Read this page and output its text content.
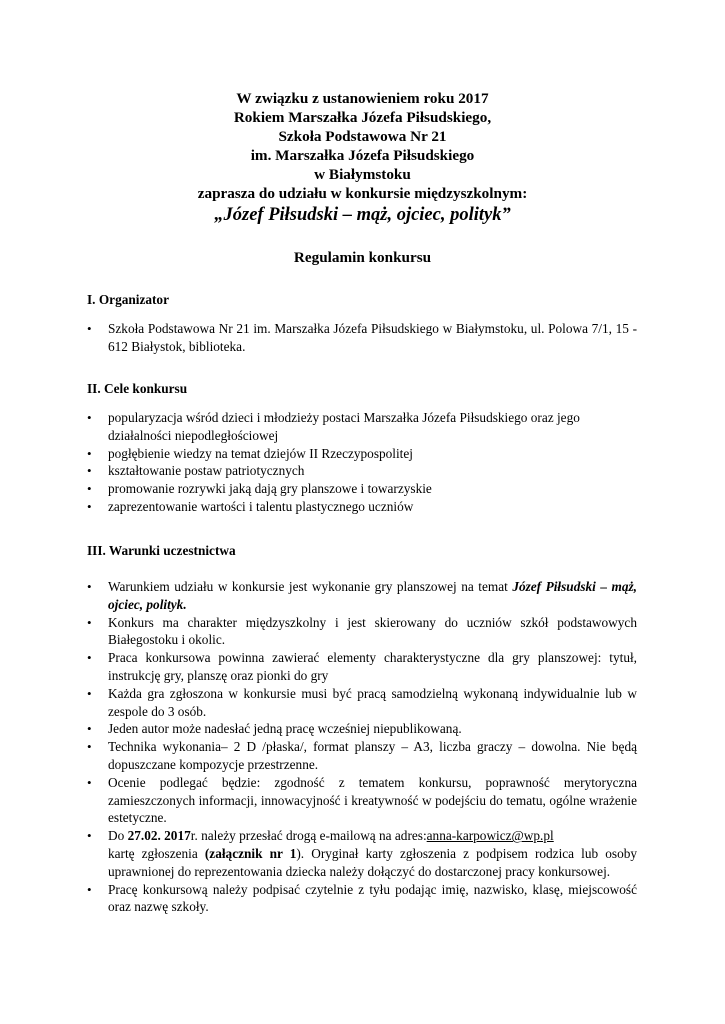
W związku z ustanowieniem roku 2017
Rokiem Marszałka Józefa Piłsudskiego,
Szkoła Podstawowa Nr 21
im. Marszałka Józefa Piłsudskiego
w Białymstoku
zaprasza do udziału w konkursie międzyszkolnym:
„Józef Piłsudski – mąż, ojciec, polityk”
Regulamin konkursu
I. Organizator
• Szkoła Podstawowa Nr 21 im. Marszałka Józefa Piłsudskiego w Białymstoku, ul. Polowa 7/1, 15 - 612 Białystok, biblioteka.
II. Cele konkursu
• popularyzacja wśród dzieci i młodzieży postaci Marszałka Józefa Piłsudskiego oraz jego działalności niepodległościowej
• pogłębienie wiedzy na temat dziejów II Rzeczypospolitej
• kształtowanie postaw patriotycznych
• promowanie rozrywki jaką dają gry planszowe i towarzyskie
• zaprezentowanie wartości i talentu plastycznego uczniów
III. Warunki uczestnictwa
• Warunkiem udziału w konkursie jest wykonanie gry planszowej na temat Józef Piłsudski – mąż, ojciec, polityk.
• Konkurs ma charakter międzyszkolny i jest skierowany do uczniów szkół podstawowych Białegostoku i okolic.
• Praca konkursowa powinna zawierać elementy charakterystyczne dla gry planszowej: tytuł, instrukcję gry, planszę oraz pionki do gry
• Każda gra zgłoszona w konkursie musi być pracą samodzielną wykonaną indywidualnie lub w zespole do 3 osób.
• Jeden autor może nadesłać jedną pracę wcześniej niepublikowaną.
• Technika wykonania– 2 D /płaska/, format planszy – A3, liczba graczy – dowolna. Nie będą dopuszczane kompozycje przestrzenne.
• Ocenie podlegać będzie: zgodność z tematem konkursu, poprawność merytoryczna zamieszczonych informacji, innowacyjność i kreatywność w podejściu do tematu, ogólne wrażenie estetyczne.
• Do 27.02. 2017r. należy przesłać drogą e-mailową na adres:anna-karpowicz@wp.pl
kartę zgłoszenia (załącznik nr 1). Oryginał karty zgłoszenia z podpisem rodzica lub osoby uprawnionej do reprezentowania dziecka należy dołączyć do dostarczonej pracy konkursowej.
• Pracę konkursową należy podpisać czytelnie z tyłu podając imię, nazwisko, klasę, miejscowość oraz nazwę szkoły.
